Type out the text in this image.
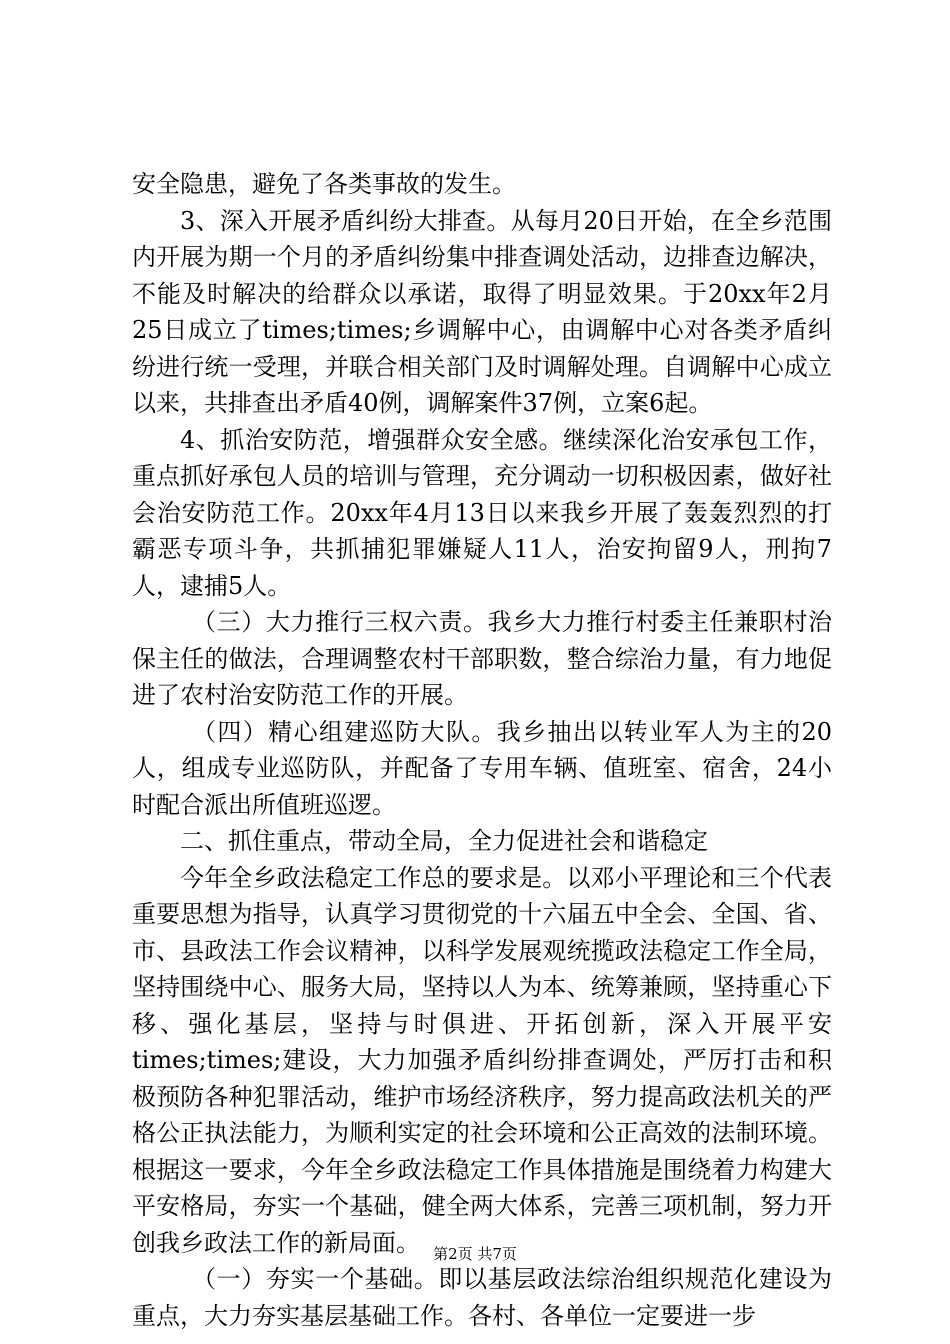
安全隐患，避免了各类事故的发生。

3、深入开展矛盾纠纷大排查。从每月20日开始，在全乡范围内开展为期一个月的矛盾纠纷集中排查调处活动，边排查边解决，不能及时解决的给群众以承诺，取得了明显效果。于20xx年2月25日成立了times;times;乡调解中心，由调解中心对各类矛盾纠纷进行统一受理，并联合相关部门及时调解处理。自调解中心成立以来，共排查出矛盾40例，调解案件37例，立案6起。

4、抓治安防范，增强群众安全感。继续深化治安承包工作，重点抓好承包人员的培训与管理，充分调动一切积极因素，做好社会治安防范工作。20xx年4月13日以来我乡开展了轰轰烈烈的打霸恶专项斗争，共抓捕犯罪嫌疑人11人，治安拘留9人，刑拘7人，逮捕5人。

（三）大力推行三权六责。我乡大力推行村委主任兼职村治保主任的做法，合理调整农村干部职数，整合综治力量，有力地促进了农村治安防范工作的开展。

（四）精心组建巡防大队。我乡抽出以转业军人为主的20人，组成专业巡防队，并配备了专用车辆、值班室、宿舍，24小时配合派出所值班巡逻。

二、抓住重点，带动全局，全力促进社会和谐稳定

今年全乡政法稳定工作总的要求是。以邓小平理论和三个代表重要思想为指导，认真学习贯彻党的十六届五中全会、全国、省、市、县政法工作会议精神，以科学发展观统揽政法稳定工作全局，坚持围绕中心、服务大局，坚持以人为本、统筹兼顾，坚持重心下移、强化基层，坚持与时俱进、开拓创新，深入开展平安times;times;建设，大力加强矛盾纠纷排查调处，严厉打击和积极预防各种犯罪活动，维护市场经济秩序，努力提高政法机关的严格公正执法能力，为顺利实定的社会环境和公正高效的法制环境。根据这一要求，今年全乡政法稳定工作具体措施是围绕着力构建大平安格局，夯实一个基础，健全两大体系，完善三项机制，努力开创我乡政法工作的新局面。

（一）夯实一个基础。即以基层政法综治组织规范化建设为重点，大力夯实基层基础工作。各村、各单位一定要进一步

第2页 共7页
